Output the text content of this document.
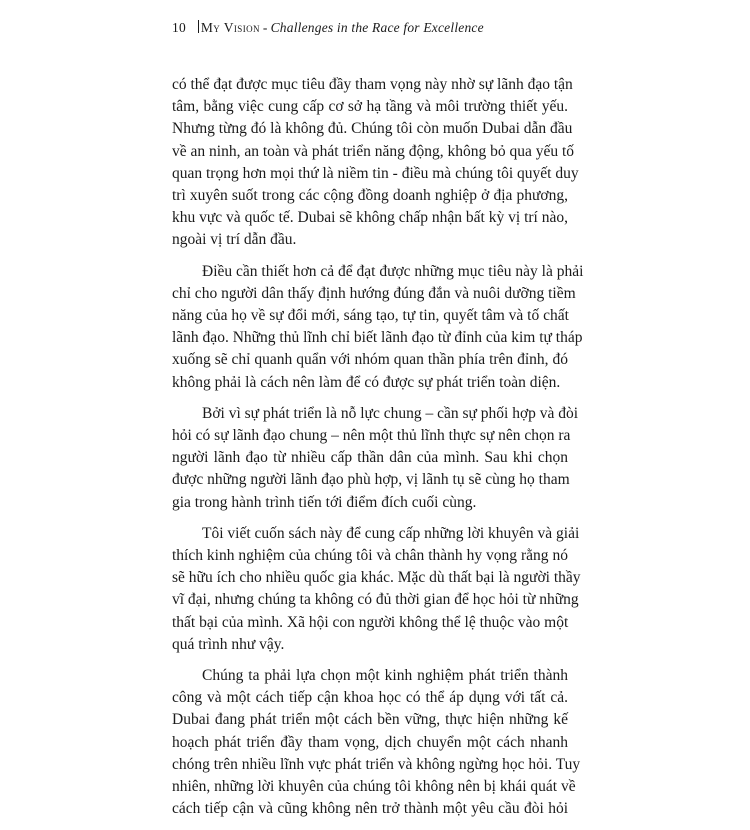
10 My Vision - Challenges in the Race for Excellence
có thể đạt được mục tiêu đầy tham vọng này nhờ sự lãnh đạo tận
tâm, bằng việc cung cấp cơ sở hạ tầng và môi trường thiết yếu.
Nhưng từng đó là không đủ. Chúng tôi còn muốn Dubai dẫn đầu
về an ninh, an toàn và phát triển năng động, không bỏ qua yếu tố
quan trọng hơn mọi thứ là niềm tin - điều mà chúng tôi quyết duy
trì xuyên suốt trong các cộng đồng doanh nghiệp ở địa phương,
khu vực và quốc tế. Dubai sẽ không chấp nhận bất kỳ vị trí nào,
ngoài vị trí dẫn đầu.
Điều cần thiết hơn cả để đạt được những mục tiêu này là phải
chỉ cho người dân thấy định hướng đúng đắn và nuôi dưỡng tiềm
năng của họ về sự đổi mới, sáng tạo, tự tin, quyết tâm và tố chất
lãnh đạo. Những thủ lĩnh chỉ biết lãnh đạo từ đỉnh của kim tự tháp
xuống sẽ chỉ quanh quẩn với nhóm quan thần phía trên đỉnh, đó
không phải là cách nên làm để có được sự phát triển toàn diện.
Bởi vì sự phát triển là nỗ lực chung – cần sự phối hợp và đòi
hỏi có sự lãnh đạo chung – nên một thủ lĩnh thực sự nên chọn ra
người lãnh đạo từ nhiều cấp thần dân của mình. Sau khi chọn
được những người lãnh đạo phù hợp, vị lãnh tụ sẽ cùng họ tham
gia trong hành trình tiến tới điểm đích cuối cùng.
Tôi viết cuốn sách này để cung cấp những lời khuyên và giải
thích kinh nghiệm của chúng tôi và chân thành hy vọng rằng nó
sẽ hữu ích cho nhiều quốc gia khác. Mặc dù thất bại là người thầy
vĩ đại, nhưng chúng ta không có đủ thời gian để học hỏi từ những
thất bại của mình. Xã hội con người không thể lệ thuộc vào một
quá trình như vậy.
Chúng ta phải lựa chọn một kinh nghiệm phát triển thành
công và một cách tiếp cận khoa học có thể áp dụng với tất cả.
Dubai đang phát triển một cách bền vững, thực hiện những kế
hoạch phát triển đầy tham vọng, dịch chuyển một cách nhanh
chóng trên nhiều lĩnh vực phát triển và không ngừng học hỏi. Tuy
nhiên, những lời khuyên của chúng tôi không nên bị khái quát về
cách tiếp cận và cũng không nên trở thành một yêu cầu đòi hỏi
